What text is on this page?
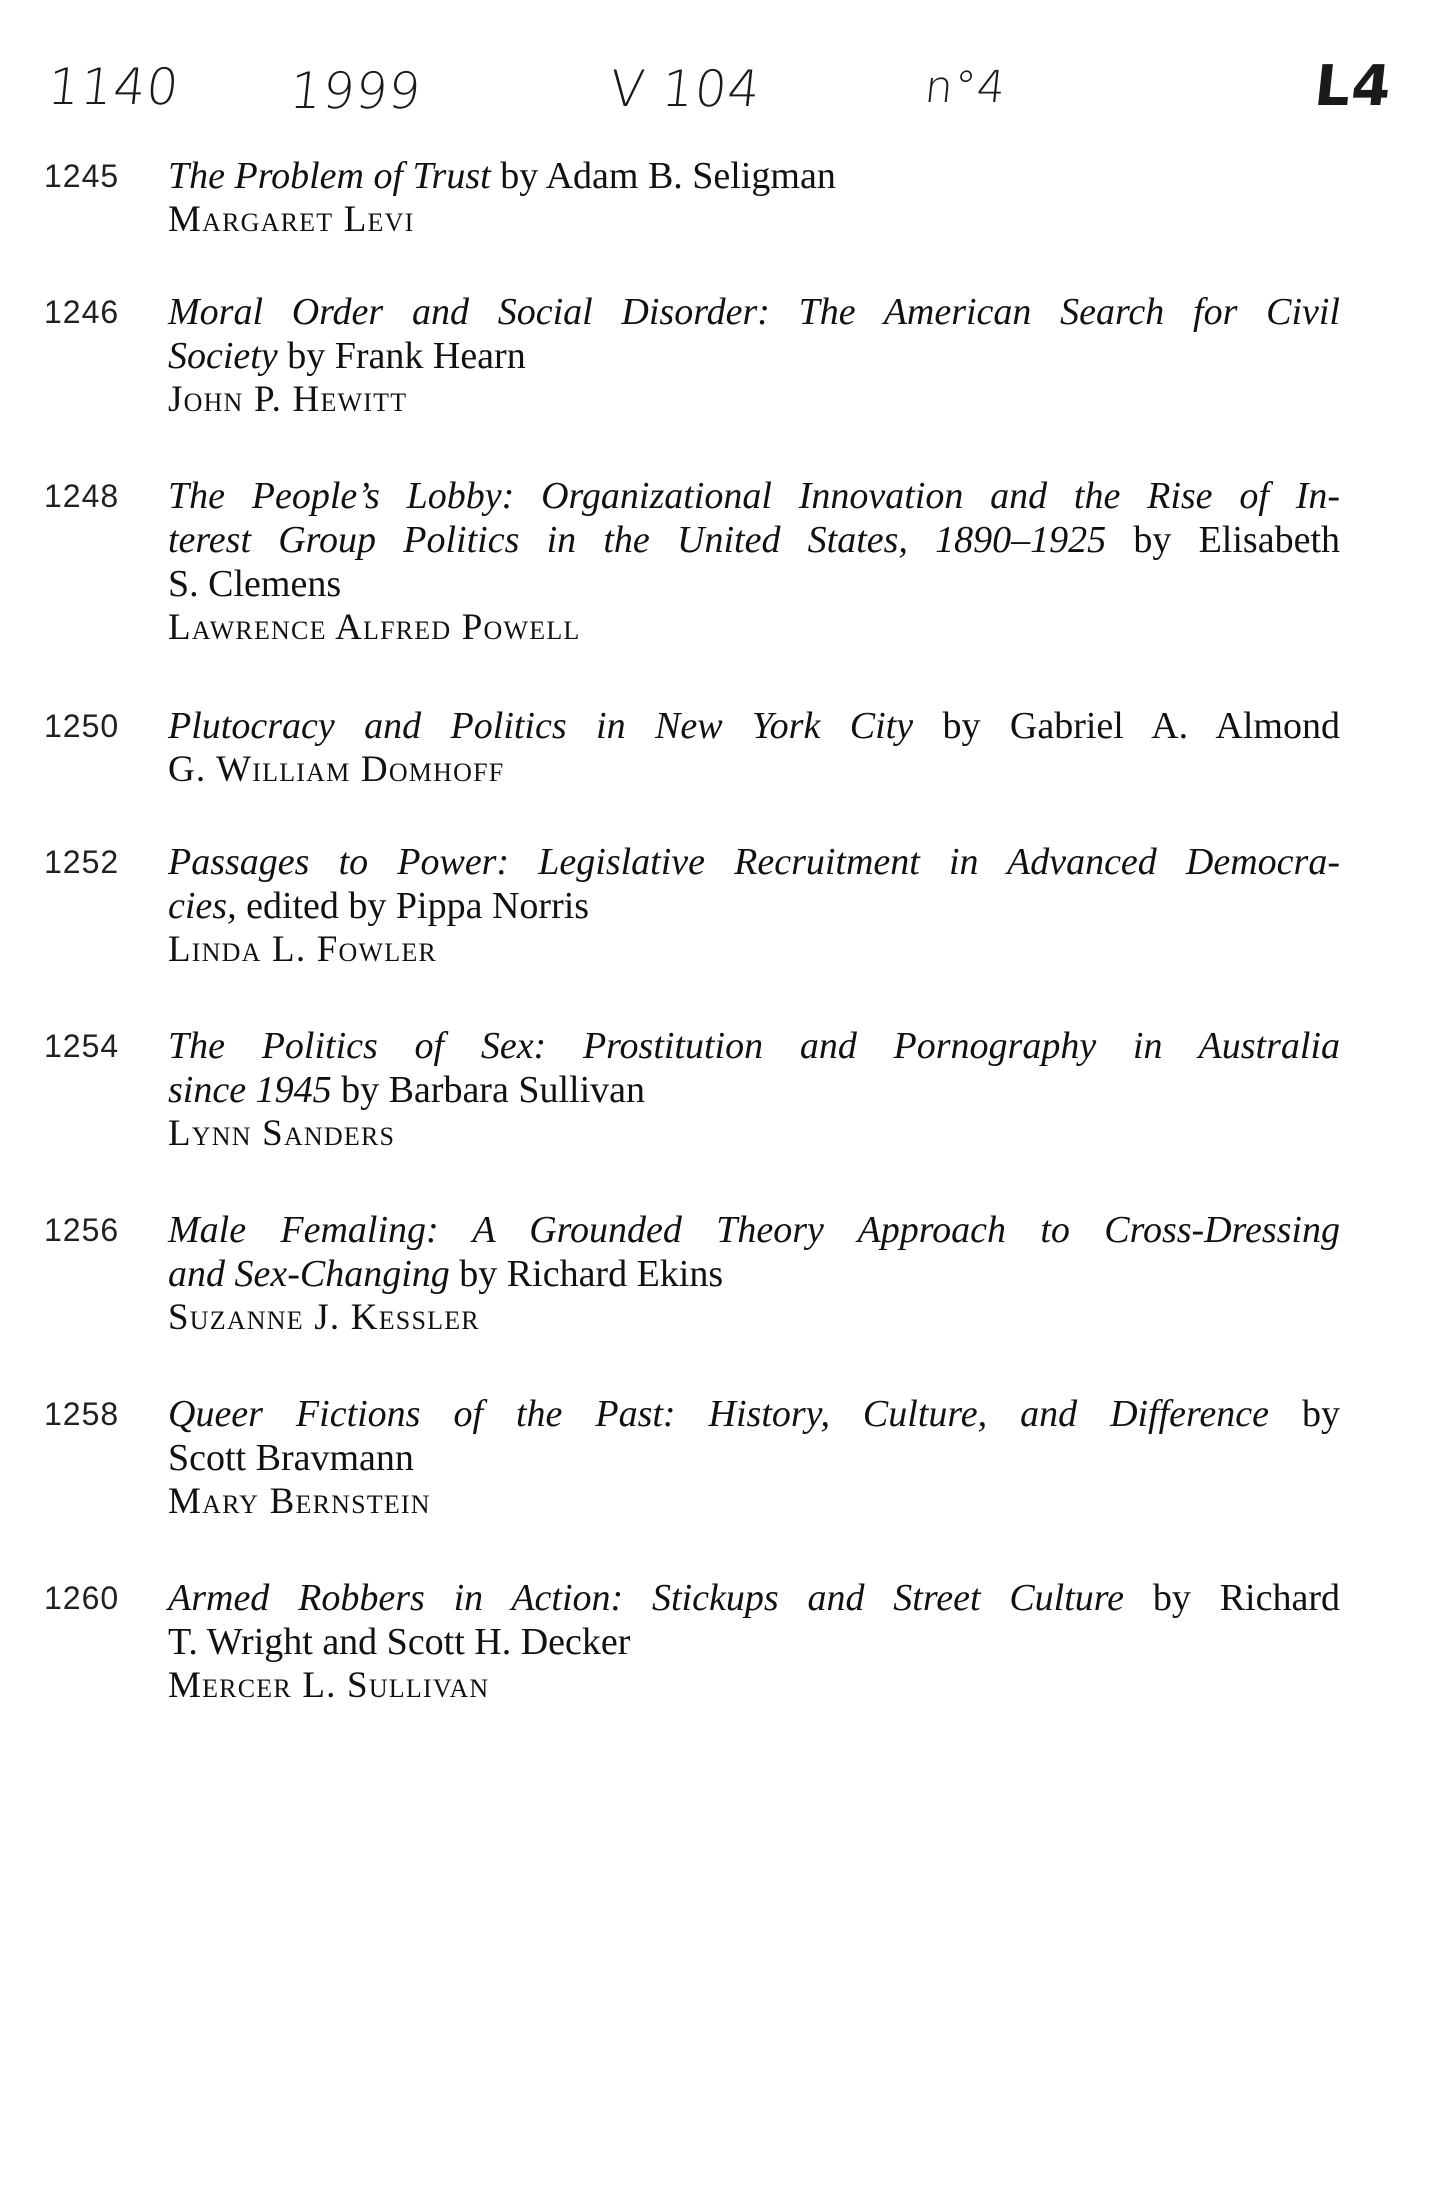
1140 1999	V 104	n°4	L4
1245 The Problem of Trust by Adam B. Seligman
Margaret Levi
1246 Moral Order and Social Disorder: The American Search for Civil
Society by Frank Hearn
John P. Hewitt
1248 The People’s Lobby: Organizational Innovation and the Rise of In-
terest Group Politics in the United States, 1890–1925 by Elisabeth
S. Clemens
Lawrence Alfred Powell
1250 Plutocracy and Politics in New York City by Gabriel A. Almond
G. William Domhoff
1252 Passages to Power: Legislative Recruitment in Advanced Democra-
cies, edited by Pippa Norris
Linda L. Fowler
1254 The Politics of Sex: Prostitution and Pornography in Australia
since 1945 by Barbara Sullivan
Lynn Sanders
1256 Male Femaling: A Grounded Theory Approach to Cross-Dressing
and Sex-Changing by Richard Ekins
Suzanne J. Kessler
1258 Queer Fictions of the Past: History, Culture, and Difference by
Scott Bravmann
Mary Bernstein
1260 Armed Robbers in Action: Stickups and Street Culture by Richard
T. Wright and Scott H. Decker
Mercer L. Sullivan
